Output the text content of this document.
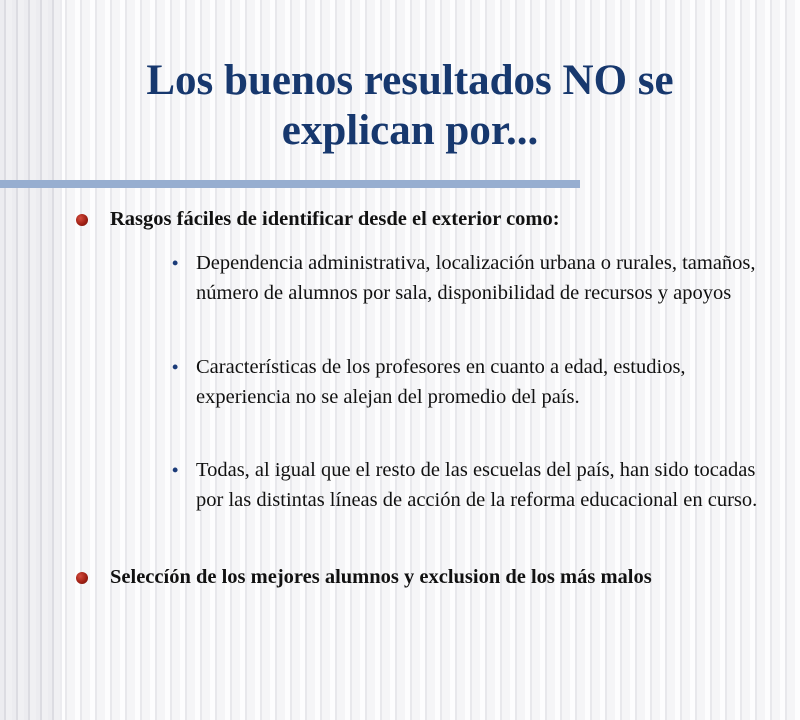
Los buenos resultados NO se
explican por...
Rasgos fáciles de identificar desde el exterior como:
• Dependencia administrativa, localización urbana o rurales, tamaños, número de alumnos por sala, disponibilidad de recursos y apoyos
• Características de los profesores en cuanto a edad, estudios, experiencia no se alejan del promedio del país.
• Todas, al igual que el resto de las escuelas del país, han sido tocadas por las distintas líneas de acción de la reforma educacional en curso.
Seleccíón de los mejores alumnos y exclusion de los más malos
